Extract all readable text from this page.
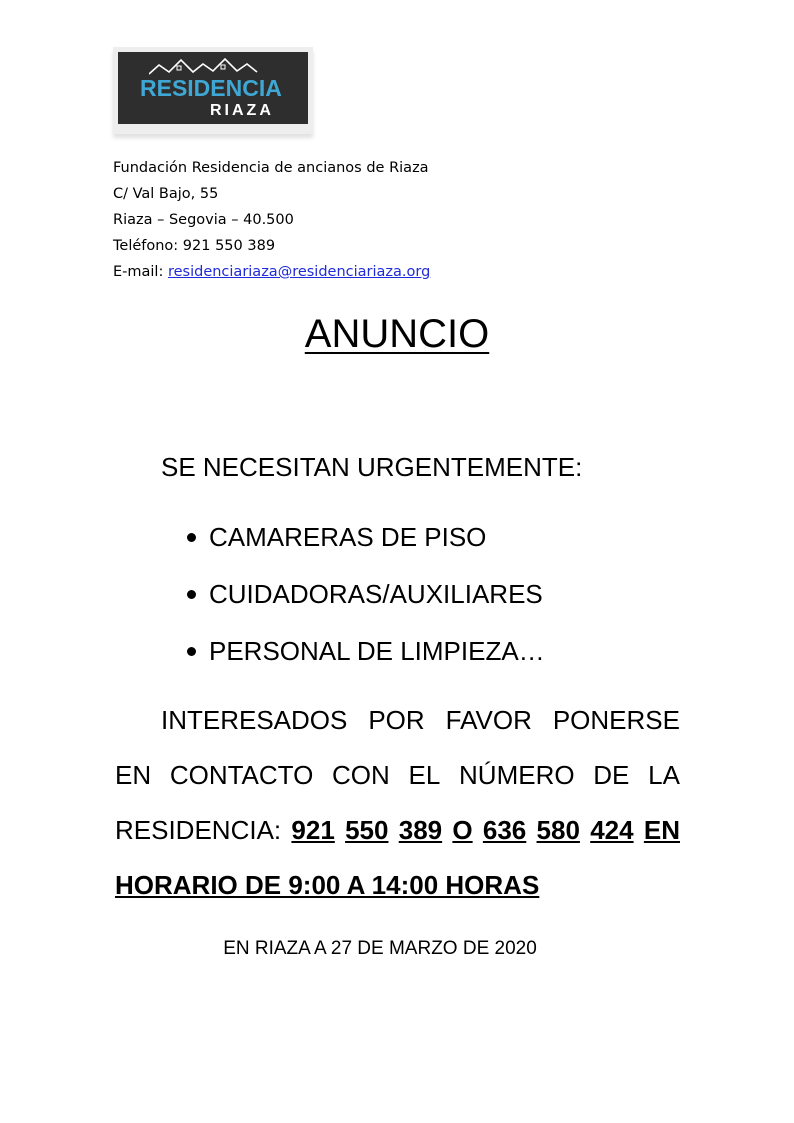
RESIDENCIA
RIAZA
Fundación Residencia de ancianos de Riaza
C/ Val Bajo, 55
Riaza – Segovia – 40.500
Teléfono: 921 550 389
E-mail: residenciariaza@residenciariaza.org
ANUNCIO
SE NECESITAN URGENTEMENTE:
CAMARERAS DE PISO
CUIDADORAS/AUXILIARES
PERSONAL DE LIMPIEZA…
INTERESADOS POR FAVOR PONERSE
EN CONTACTO CON EL NÚMERO DE LA
RESIDENCIA: 921 550 389 O 636 580 424 EN
HORARIO DE 9:00 A 14:00 HORAS
EN RIAZA A 27 DE MARZO DE 2020
